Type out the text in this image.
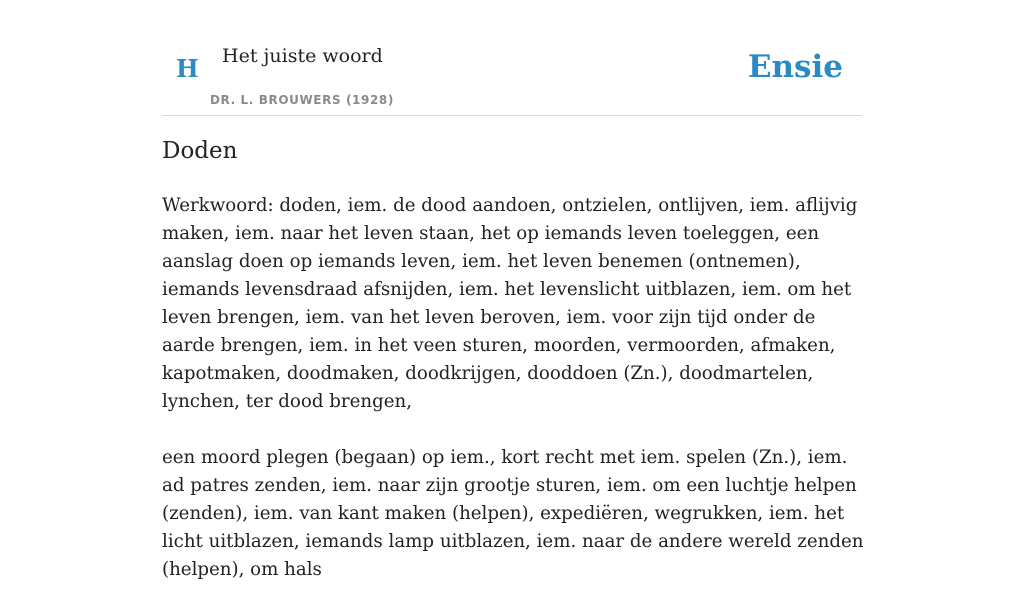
H Het juiste woord
DR. L. BROUWERS (1928)
Ensie
Doden

Werkwoord: doden, iem. de dood aandoen, ontzielen, ontlijven, iem. aflijvig maken, iem. naar het leven staan, het op iemands leven toeleggen, een aanslag doen op iemands leven, iem. het leven benemen (ontnemen), iemands levensdraad afsnijden, iem. het levenslicht uitblazen, iem. om het leven brengen, iem. van het leven beroven, iem. voor zijn tijd onder de aarde brengen, iem. in het veen sturen, moorden, vermoorden, afmaken, kapotmaken, doodmaken, doodkrijgen, dooddoen (Zn.), doodmartelen, lynchen, ter dood brengen,

een moord plegen (begaan) op iem., kort recht met iem. spelen (Zn.), iem. ad patres zenden, iem. naar zijn grootje sturen, iem. om een luchtje helpen (zenden), iem. van kant maken (helpen), expediëren, wegrukken, iem. het licht uitblazen, iemands lamp uitblazen, iem. naar de andere wereld zenden (helpen), om hals
